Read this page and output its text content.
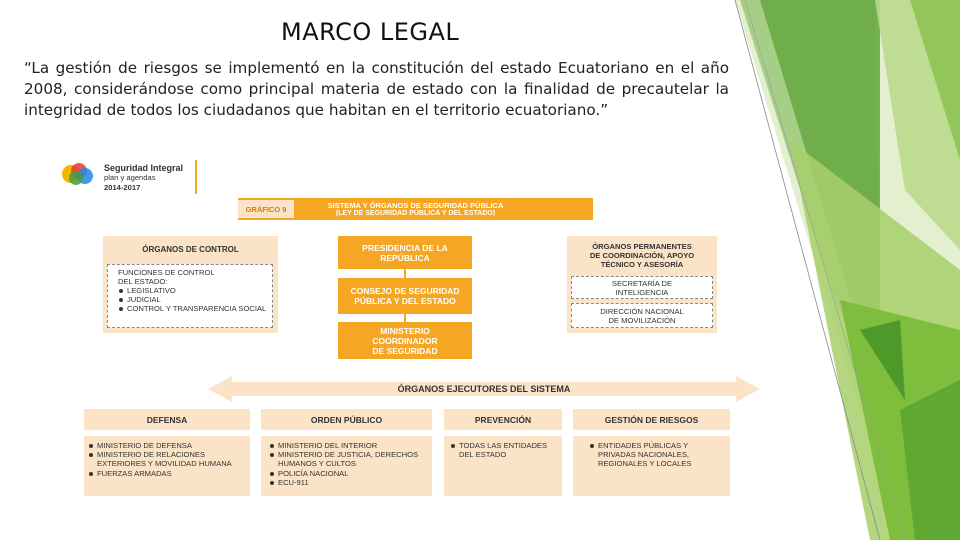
MARCO LEGAL
“La gestión de riesgos se implementó en la constitución del estado Ecuatoriano en el año 2008, considerándose como principal materia de estado con la finalidad de precautelar la integridad de todos los ciudadanos que habitan en el territorio ecuatoriano.”
Seguridad Integral
plan y agendas
2014-2017
SISTEMA Y ÓRGANOS DE SEGURIDAD PÚBLICA
(LEY DE SEGURIDAD PÚBLICA Y DEL ESTADO)
GRÁFICO 9
ÓRGANOS DE CONTROL
FUNCIONES DE CONTROL DEL ESTADO:
LEGISLATIVO
JUDICIAL
CONTROL Y TRANSPARENCIA SOCIAL
PRESIDENCIA DE LA REPÚBLICA
CONSEJO DE SEGURIDAD PÚBLICA Y DEL ESTADO
MINISTERIO COORDINADOR DE SEGURIDAD
ÓRGANOS PERMANENTES DE COORDINACIÓN, APOYO TÉCNICO Y ASESORÍA
SECRETARÍA DE INTELIGENCIA
DIRECCIÓN NACIONAL DE MOVILIZACIÓN
ÓRGANOS EJECUTORES DEL SISTEMA
DEFENSA
MINISTERIO DE DEFENSA
MINISTERIO DE RELACIONES EXTERIORES Y MOVILIDAD HUMANA
FUERZAS ARMADAS
ORDEN PÚBLICO
MINISTERIO DEL INTERIOR
MINISTERIO DE JUSTICIA, DERECHOS HUMANOS Y CULTOS
POLICÍA NACIONAL
ECU-911
PREVENCIÓN
TODAS LAS ENTIDADES DEL ESTADO
GESTIÓN DE RIESGOS
ENTIDADES PÚBLICAS Y PRIVADAS NACIONALES, REGIONALES Y LOCALES
